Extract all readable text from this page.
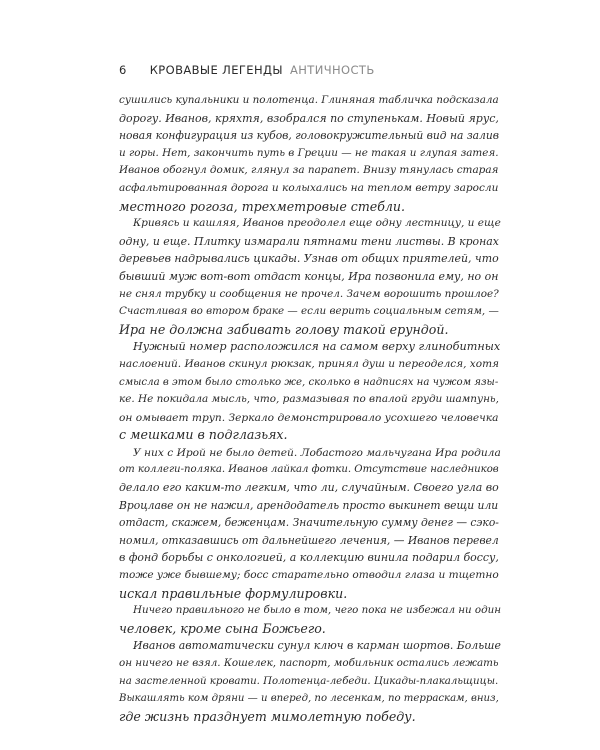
6 КРОВАВЫЕ ЛЕГЕНДЫ АНТИЧНОСТЬ
сушились купальники и полотенца. Глиняная табличка подсказала
дорогу. Иванов, кряхтя, взобрался по ступенькам. Новый ярус,
новая конфигурация из кубов, головокружительный вид на залив
и горы. Нет, закончить путь в Греции — не такая и глупая затея.
Иванов обогнул домик, глянул за парапет. Внизу тянулась старая
асфальтированная дорога и колыхались на теплом ветру заросли
местного рогоза, трехметровые стебли.
Кривясь и кашляя, Иванов преодолел еще одну лестницу, и еще
одну, и еще. Плитку измарали пятнами тени листвы. В кронах
деревьев надрывались цикады. Узнав от общих приятелей, что
бывший муж вот-вот отдаст концы, Ира позвонила ему, но он
не снял трубку и сообщения не прочел. Зачем ворошить прошлое?
Счастливая во втором браке — если верить социальным сетям, —
Ира не должна забивать голову такой ерундой.
Нужный номер расположился на самом верху глинобитных
наслоений. Иванов скинул рюкзак, принял душ и переоделся, хотя
смысла в этом было столько же, сколько в надписях на чужом язы-
ке. Не покидала мысль, что, размазывая по впалой груди шампунь,
он омывает труп. Зеркало демонстрировало усохшего человечка
с мешками в подглазьях.
У них с Ирой не было детей. Лобастого мальчугана Ира родила
от коллеги-поляка. Иванов лайкал фотки. Отсутствие наследников
делало его каким-то легким, что ли, случайным. Своего угла во
Вроцлаве он не нажил, арендодатель просто выкинет вещи или
отдаст, скажем, беженцам. Значительную сумму денег — сэко-
номил, отказавшись от дальнейшего лечения, — Иванов перевел
в фонд борьбы с онкологией, а коллекцию винила подарил боссу,
тоже уже бывшему; босс старательно отводил глаза и тщетно
искал правильные формулировки.
Ничего правильного не было в том, чего пока не избежал ни один
человек, кроме сына Божьего.
Иванов автоматически сунул ключ в карман шортов. Больше
он ничего не взял. Кошелек, паспорт, мобильник остались лежать
на застеленной кровати. Полотенца-лебеди. Цикады-плакальщицы.
Выкашлять ком дряни — и вперед, по лесенкам, по терраскам, вниз,
где жизнь празднует мимолетную победу.
